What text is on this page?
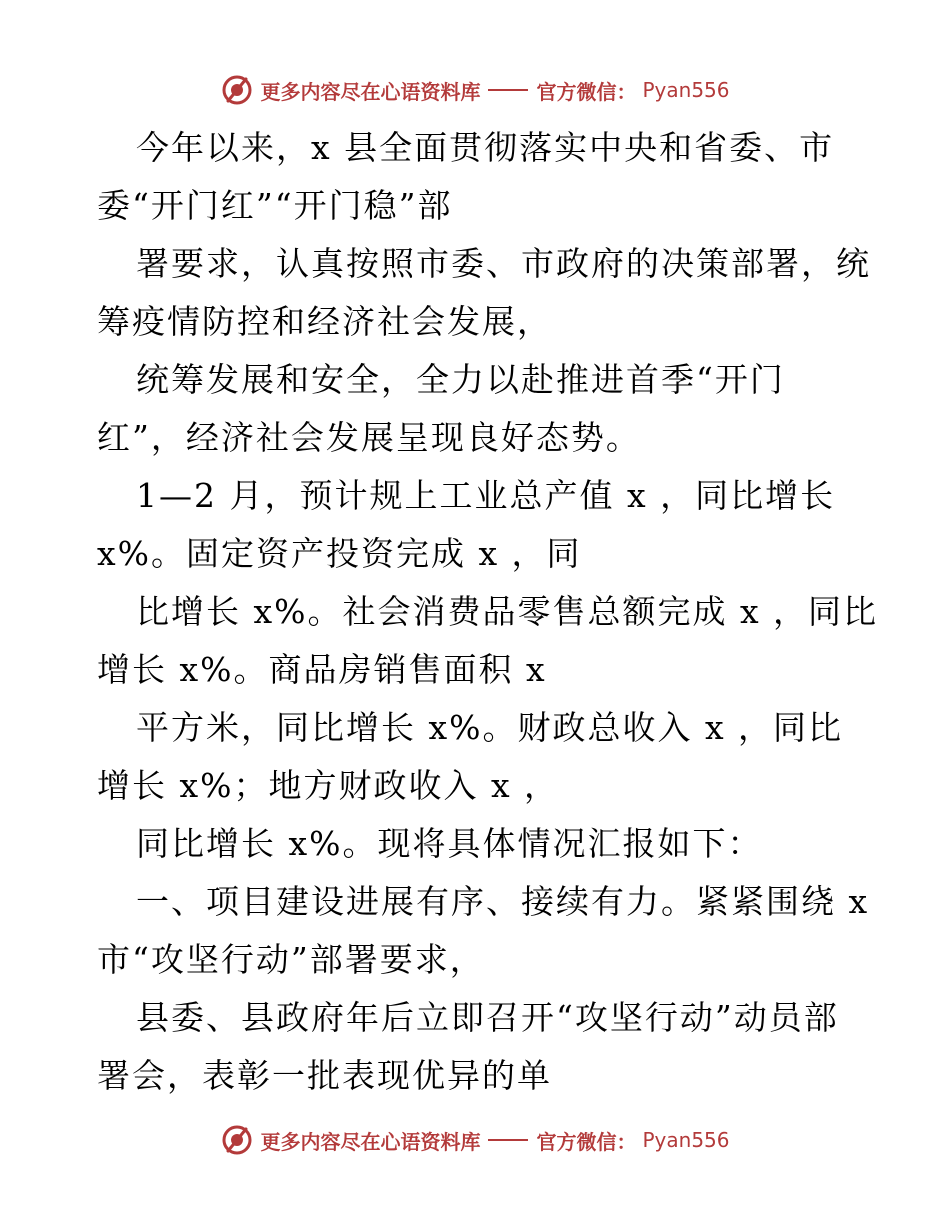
更多内容尽在心语资料库	官方微信： Pyan556
今年以来，x 县全面贯彻落实中央和省委、市
委“开门红”“开门稳”部
署要求，认真按照市委、市政府的决策部署，统
筹疫情防控和经济社会发展，
统筹发展和安全，全力以赴推进首季“开门
红”，经济社会发展呈现良好态势。
1—2 月，预计规上工业总产值 x ，同比增长
x%。固定资产投资完成 x ，同
比增长 x%。社会消费品零售总额完成 x ，同比
增长 x%。商品房销售面积 x
平方米，同比增长 x%。财政总收入 x ，同比
增长 x%；地方财政收入 x ，
同比增长 x%。现将具体情况汇报如下：
一、项目建设进展有序、接续有力。紧紧围绕 x
市“攻坚行动”部署要求，
县委、县政府年后立即召开“攻坚行动”动员部
署会，表彰一批表现优异的单
更多内容尽在心语资料库	官方微信： Pyan556
